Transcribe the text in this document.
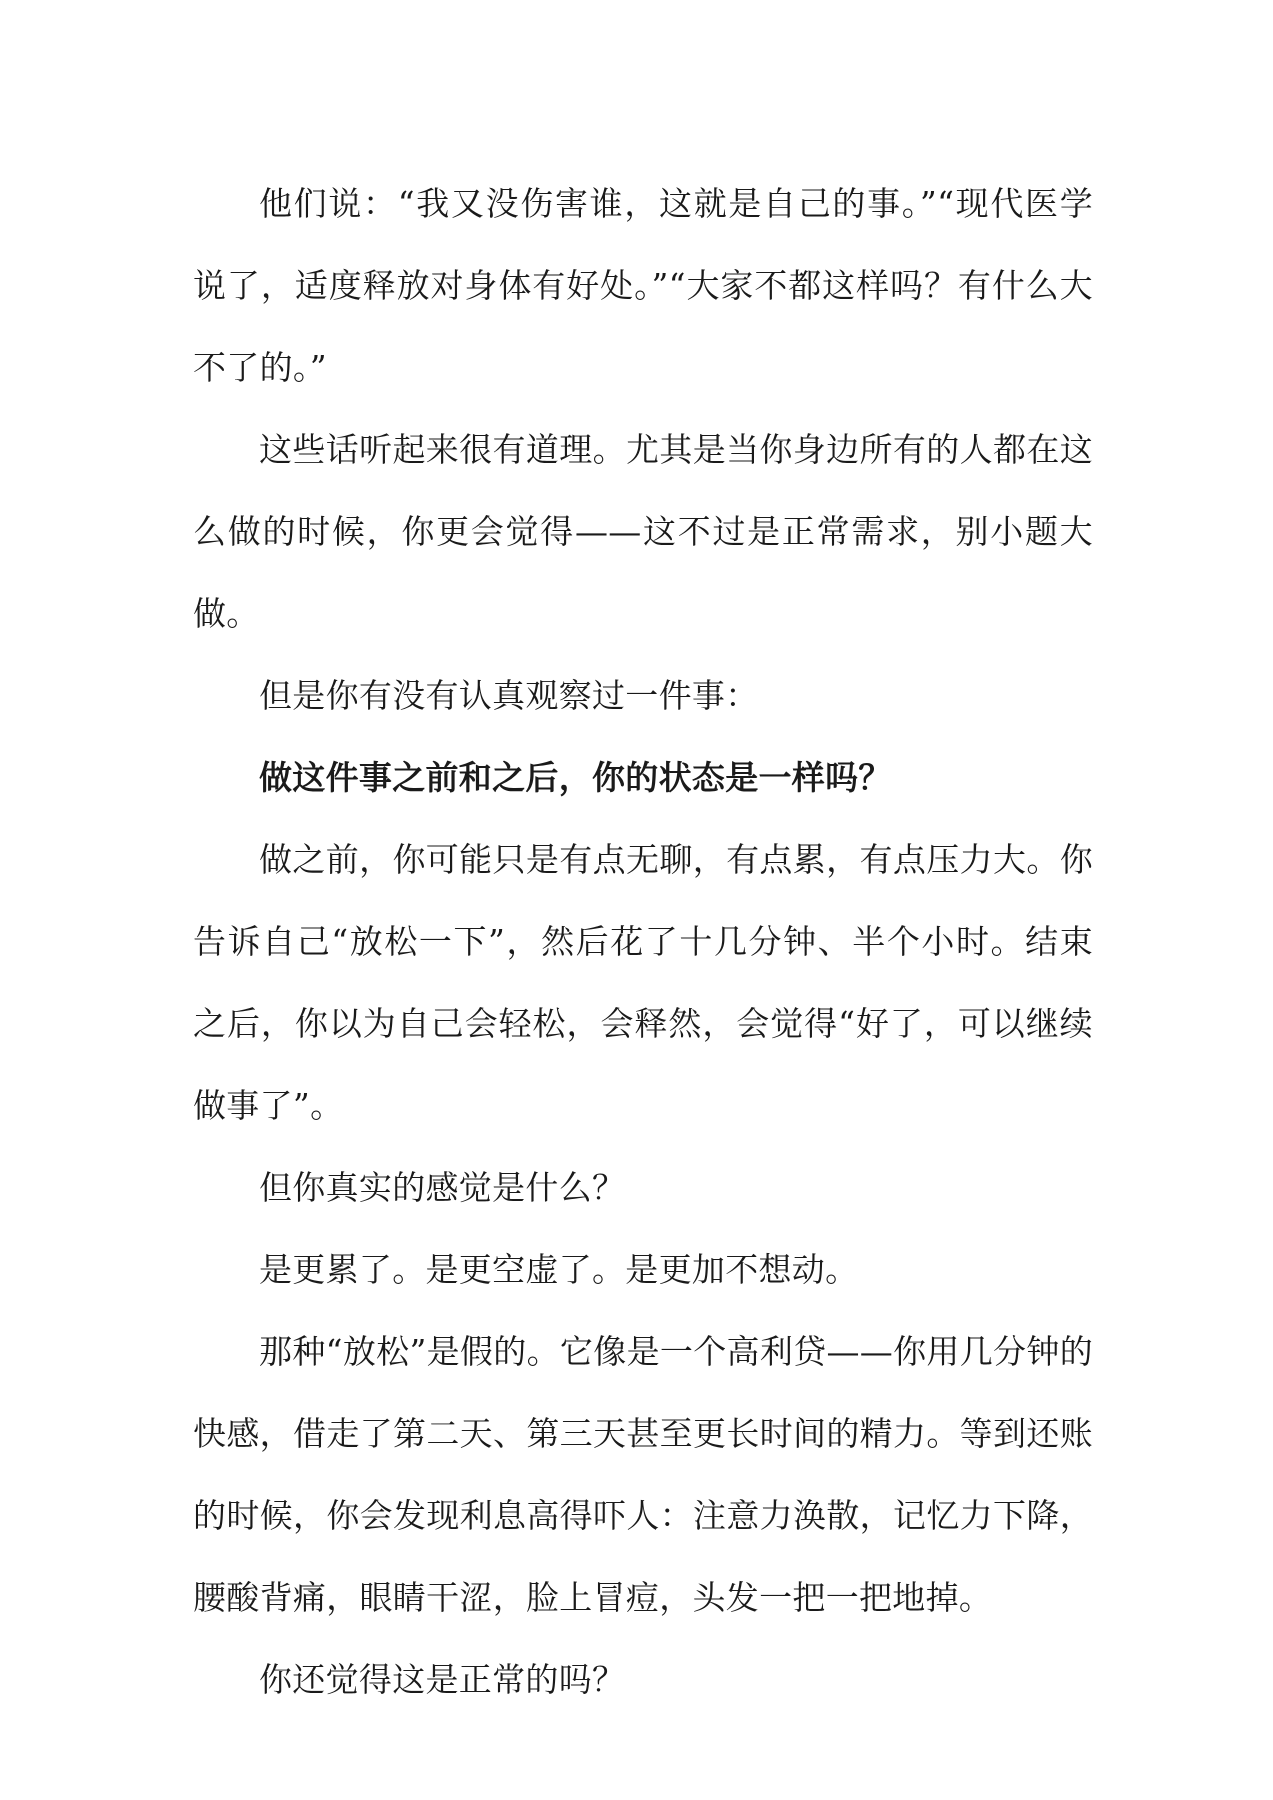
他们说：“我又没伤害谁，这就是自己的事。”“现代医学说了，适度释放对身体有好处。”“大家不都这样吗？有什么大不了的。”

这些话听起来很有道理。尤其是当你身边所有的人都在这么做的时候，你更会觉得——这不过是正常需求，别小题大做。

但是你有没有认真观察过一件事：

做这件事之前和之后，你的状态是一样吗？

做之前，你可能只是有点无聊，有点累，有点压力大。你告诉自己“放松一下”，然后花了十几分钟、半个小时。结束之后，你以为自己会轻松，会释然，会觉得“好了，可以继续做事了”。

但你真实的感觉是什么？

是更累了。是更空虚了。是更加不想动。

那种“放松”是假的。它像是一个高利贷——你用几分钟的快感，借走了第二天、第三天甚至更长时间的精力。等到还账的时候，你会发现利息高得吓人：注意力涣散，记忆力下降，腰酸背痛，眼睛干涩，脸上冒痘，头发一把一把地掉。

你还觉得这是正常的吗？
